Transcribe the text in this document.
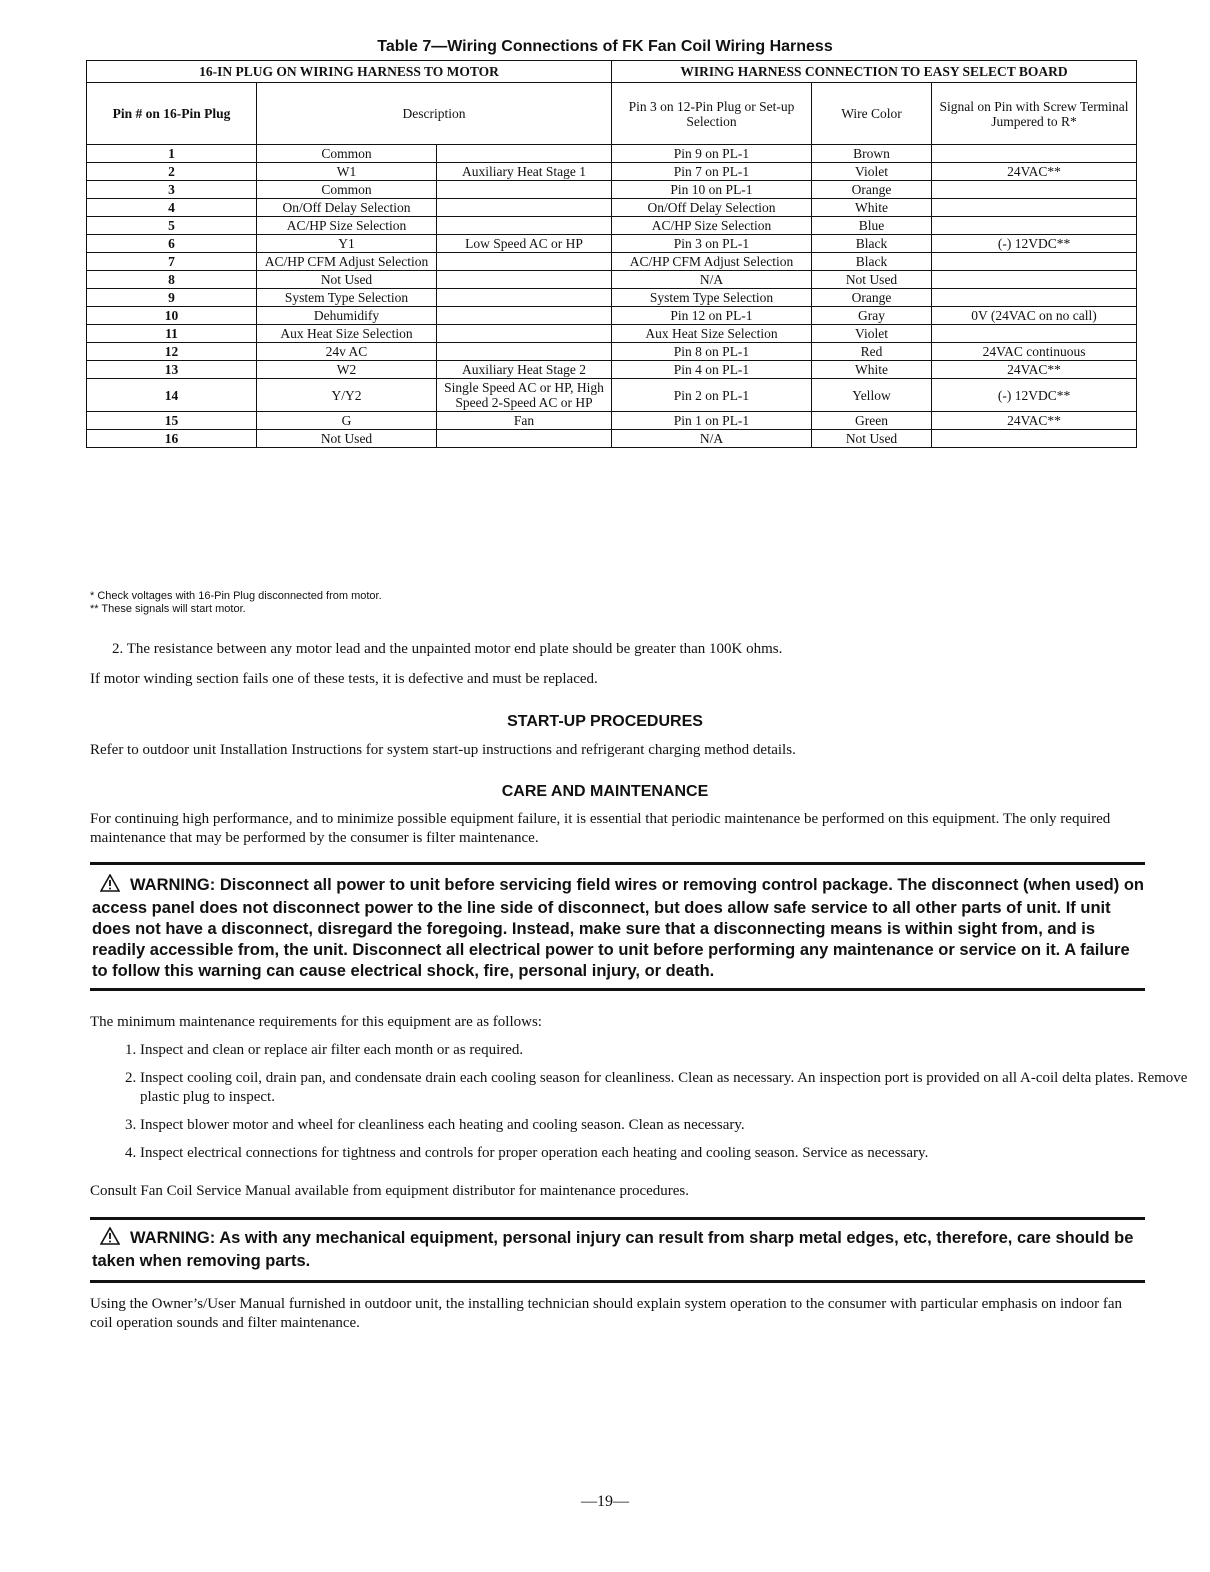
Table 7—Wiring Connections of FK Fan Coil Wiring Harness
16-IN PLUG ON WIRING HARNESS TO MOTOR			WIRING HARNESS CONNECTION TO EASY SELECT BOARD		
Pin # on 16-Pin Plug	Description		Pin 3 on 12-Pin Plug or Set-up Selection	Wire Color	Signal on Pin with Screw Terminal Jumpered to R*
1	Common		Pin 9 on PL-1	Brown	
2	W1	Auxiliary Heat Stage 1	Pin 7 on PL-1	Violet	24VAC**
3	Common		Pin 10 on PL-1	Orange	
4	On/Off Delay Selection		On/Off Delay Selection	White	
5	AC/HP Size Selection		AC/HP Size Selection	Blue	
6	Y1	Low Speed AC or HP	Pin 3 on PL-1	Black	(-) 12VDC**
7	AC/HP CFM Adjust Selection		AC/HP CFM Adjust Selection	Black	
8	Not Used		N/A	Not Used	
9	System Type Selection		System Type Selection	Orange	
10	Dehumidify		Pin 12 on PL-1	Gray	0V (24VAC on no call)
11	Aux Heat Size Selection		Aux Heat Size Selection	Violet	
12	24v AC		Pin 8 on PL-1	Red	24VAC continuous
13	W2	Auxiliary Heat Stage 2	Pin 4 on PL-1	White	24VAC**
14	Y/Y2	Single Speed AC or HP, High Speed 2-Speed AC or HP	Pin 2 on PL-1	Yellow	(-) 12VDC**
15	G	Fan	Pin 1 on PL-1	Green	24VAC**
16	Not Used		N/A	Not Used	
* Check voltages with 16-Pin Plug disconnected from motor.
** These signals will start motor.
2. The resistance between any motor lead and the unpainted motor end plate should be greater than 100K ohms.
If motor winding section fails one of these tests, it is defective and must be replaced.
START-UP PROCEDURES
Refer to outdoor unit Installation Instructions for system start-up instructions and refrigerant charging method details.
CARE AND MAINTENANCE
For continuing high performance, and to minimize possible equipment failure, it is essential that periodic maintenance be performed on this equipment. The only required maintenance that may be performed by the consumer is filter maintenance.
WARNING: Disconnect all power to unit before servicing field wires or removing control package. The disconnect (when used) on access panel does not disconnect power to the line side of disconnect, but does allow safe service to all other parts of unit. If unit does not have a disconnect, disregard the foregoing. Instead, make sure that a disconnecting means is within sight from, and is readily accessible from, the unit. Disconnect all electrical power to unit before performing any maintenance or service on it. A failure to follow this warning can cause electrical shock, fire, personal injury, or death.
The minimum maintenance requirements for this equipment are as follows:
1. Inspect and clean or replace air filter each month or as required.
2. Inspect cooling coil, drain pan, and condensate drain each cooling season for cleanliness. Clean as necessary. An inspection port is provided on all A-coil delta plates. Remove plastic plug to inspect.
3. Inspect blower motor and wheel for cleanliness each heating and cooling season. Clean as necessary.
4. Inspect electrical connections for tightness and controls for proper operation each heating and cooling season. Service as necessary.
Consult Fan Coil Service Manual available from equipment distributor for maintenance procedures.
WARNING: As with any mechanical equipment, personal injury can result from sharp metal edges, etc, therefore, care should be taken when removing parts.
Using the Owner’s/User Manual furnished in outdoor unit, the installing technician should explain system operation to the consumer with particular emphasis on indoor fan coil operation sounds and filter maintenance.
—19—
